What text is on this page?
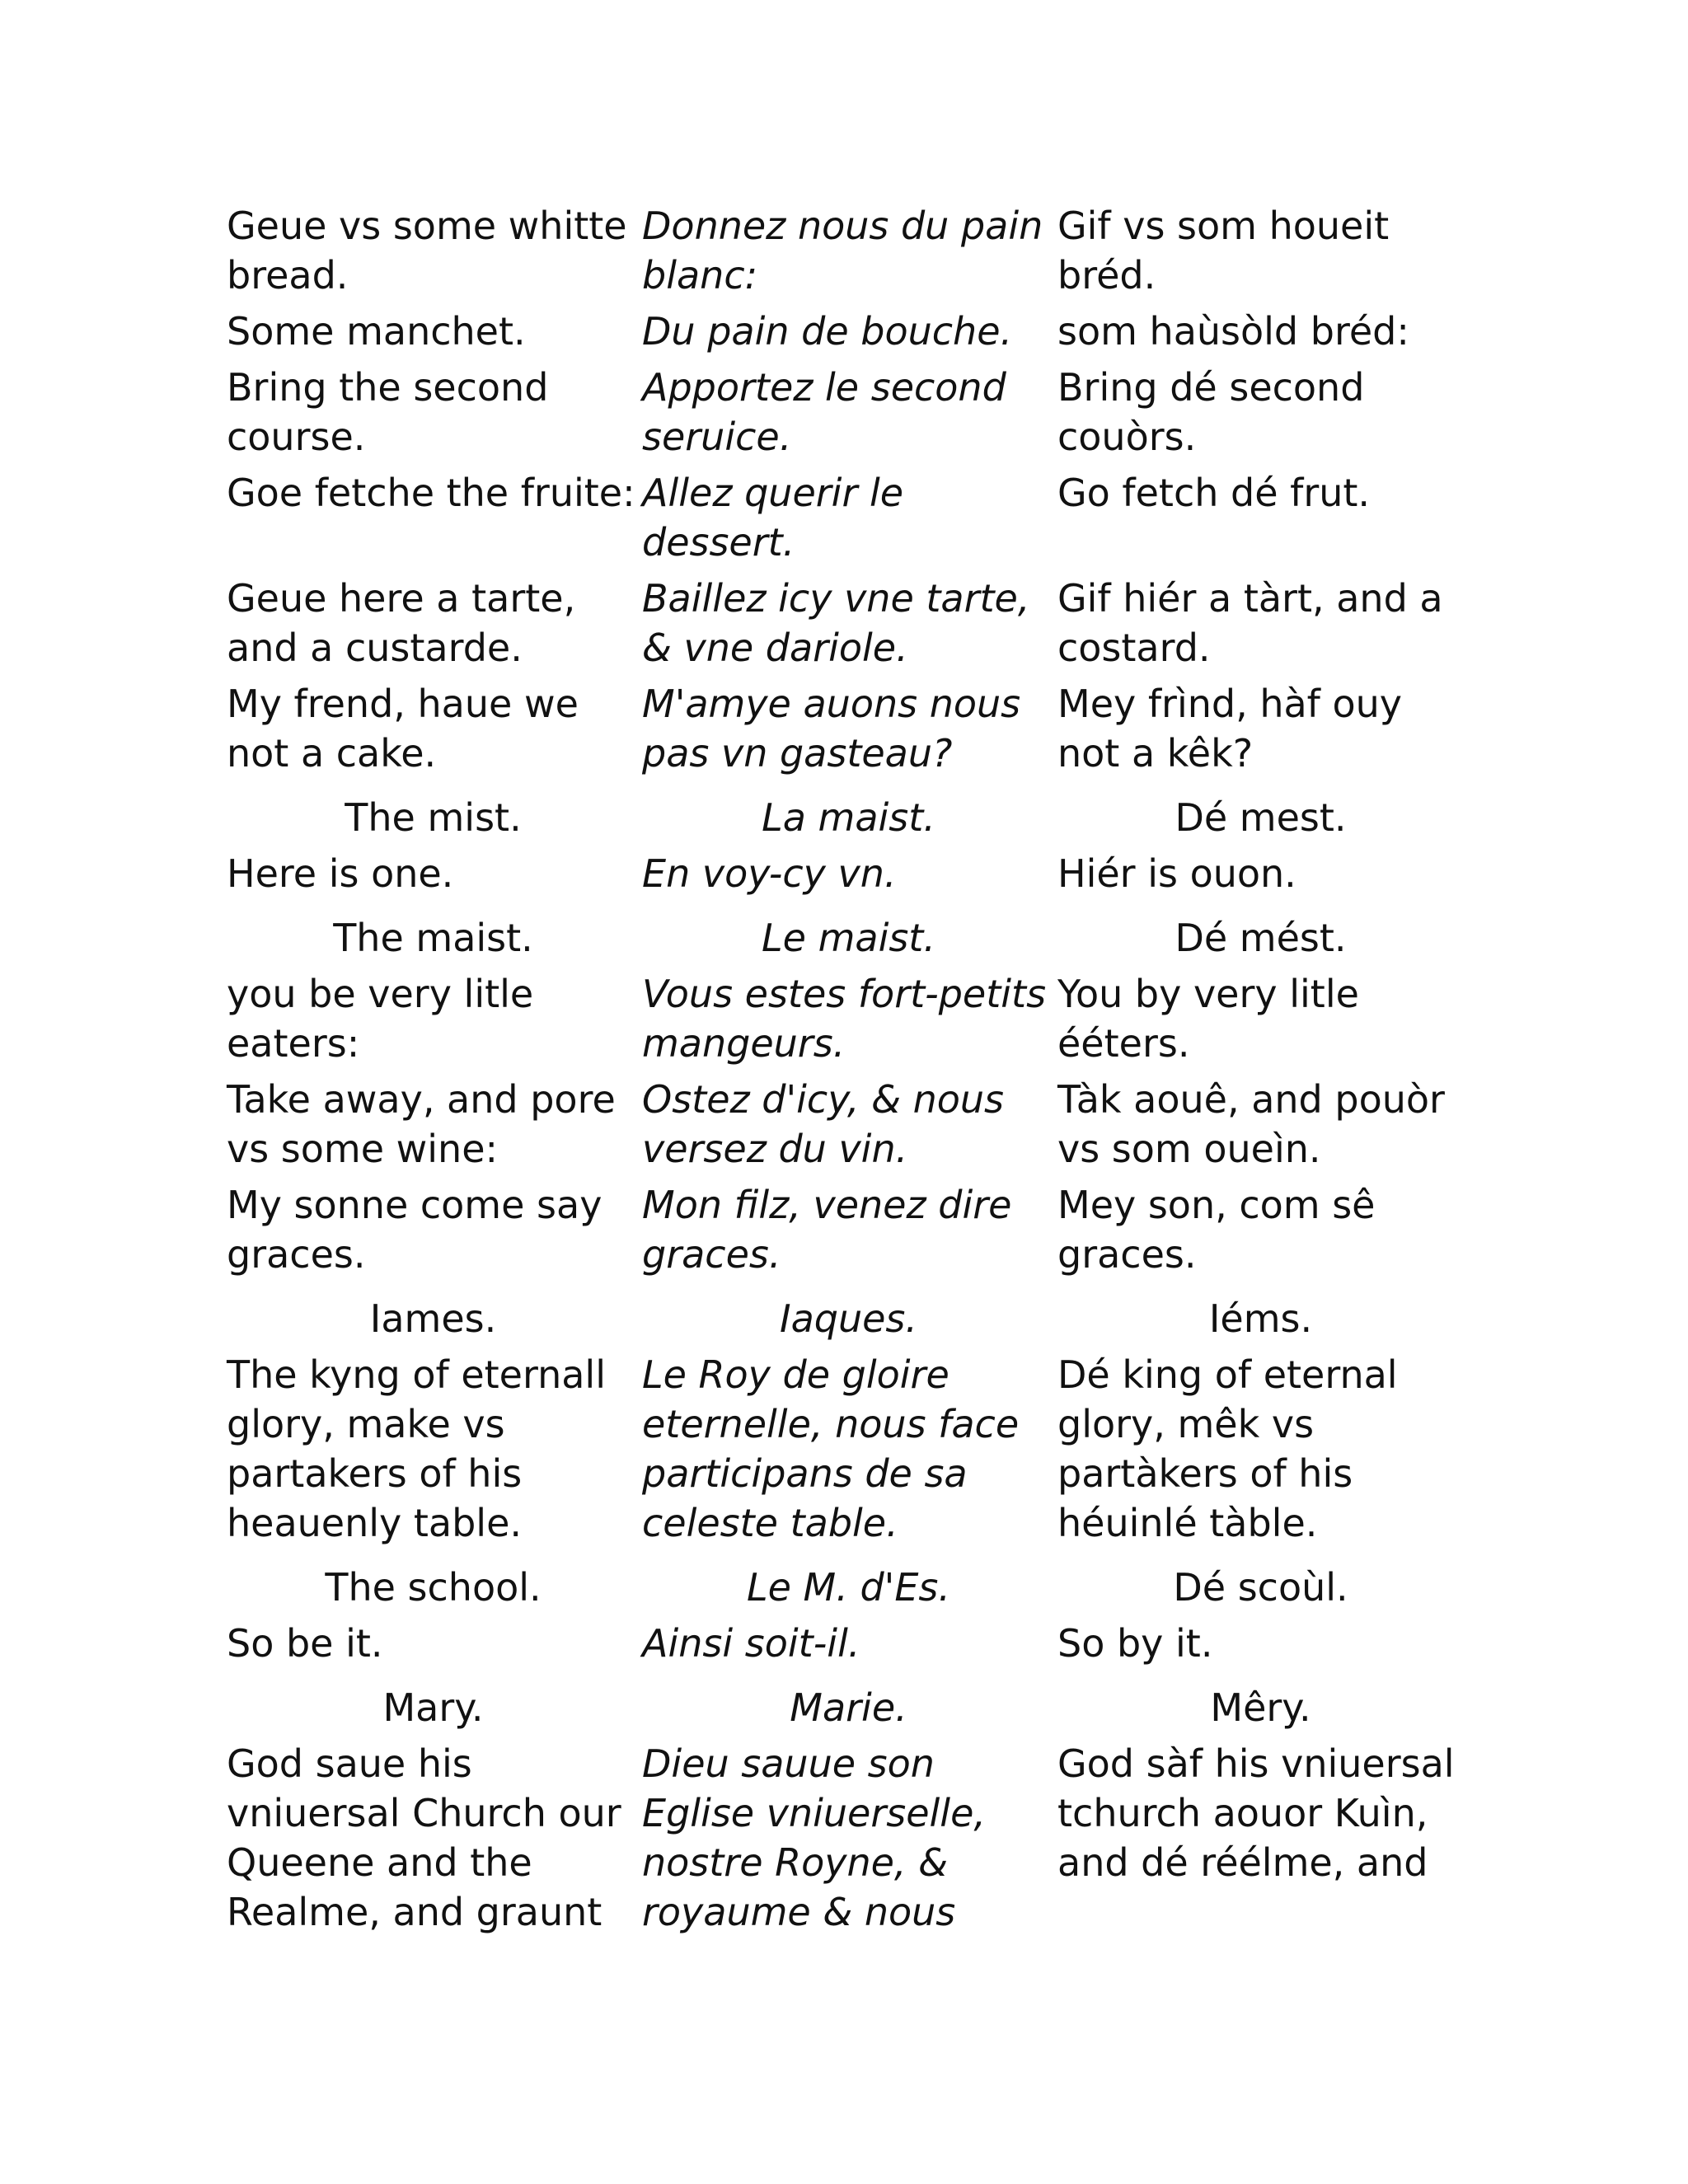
Geue vs some whitte bread.	Donnez nous du pain blanc:	Gif vs som houeit bréd.
Some manchet.	Du pain de bouche.	som haùsòld bréd:
Bring the second course.	Apportez le second seruice.	Bring dé second couòrs.
Goe fetche the fruite:	Allez querir le dessert.	Go fetch dé frut.
Geue here a tarte, and a custarde.	Baillez icy vne tarte, & vne dariole.	Gif hiér a tàrt, and a costard.
My frend, haue we not a cake.	M'amye auons nous pas vn gasteau?	Mey frìnd, hàf ouy not a kêk?
The mist.	La maist.	Dé mest.
Here is one.	En voy-cy vn.	Hiér is ouon.
The maist.	Le maist.	Dé mést.
you be very litle eaters:	Vous estes fort-petits mangeurs.	You by very litle ééters.
Take away, and pore vs some wine:	Ostez d'icy, & nous versez du vin.	Tàk aouê, and pouòr vs som oueìn.
My sonne come say graces.	Mon filz, venez dire graces.	Mey son, com sê graces.
Iames.	Iaques.	Iéms.
The kyng of eternall glory, make vs partakers of his heauenly table.	Le Roy de gloire eternelle, nous face participans de sa celeste table.	Dé king of eternal glory, mêk vs partàkers of his héuinlé tàble.
The school.	Le M. d'Es.	Dé scoùl.
So be it.	Ainsi soit-il.	So by it.
Mary.	Marie.	Mêry.
God saue his vniuersal Church our Queene and the Realme, and graunt	Dieu sauue son Eglise vniuerselle, nostre Royne, & royaume & nous	God sàf his vniuersal tchurch aouor Kuìn, and dé réélme, and
